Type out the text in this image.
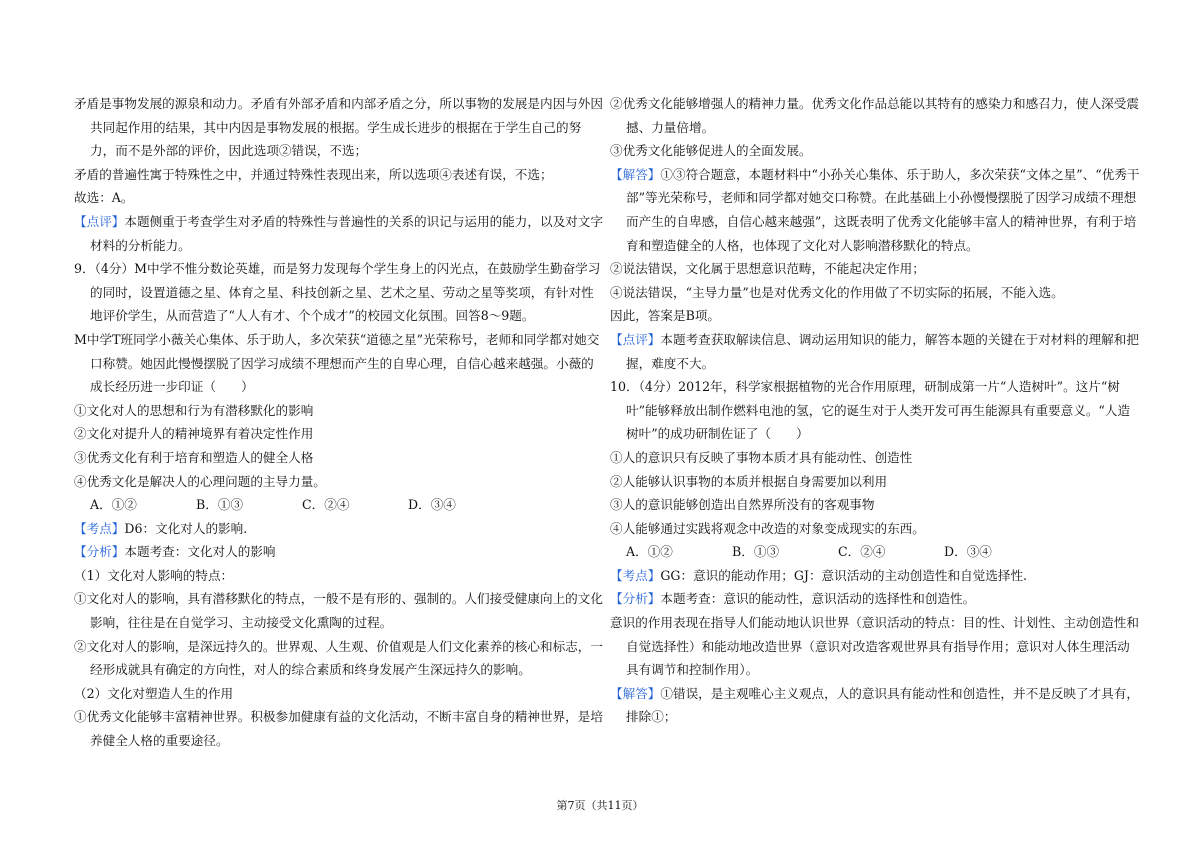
矛盾是事物发展的源泉和动力。矛盾有外部矛盾和内部矛盾之分，所以事物的发展是内因与外因共同起作用的结果，其中内因是事物发展的根据。学生成长进步的根据在于学生自己的努力，而不是外部的评价，因此选项②错误，不选；

矛盾的普遍性寓于特殊性之中，并通过特殊性表现出来，所以选项④表述有误，不选；

故选：A。

【点评】本题侧重于考查学生对矛盾的特殊性与普遍性的关系的识记与运用的能力，以及对文字材料的分析能力。

9．（4分）M中学不惟分数论英雄，而是努力发现每个学生身上的闪光点，在鼓励学生勤奋学习的同时，设置道德之星、体育之星、科技创新之星、艺术之星、劳动之星等奖项，有针对性地评价学生，从而营造了“人人有才、个个成才”的校园文化氛围。回答8～9题。

M中学T班同学小薇关心集体、乐于助人，多次荣获“道德之星”光荣称号，老师和同学都对她交口称赞。她因此慢慢摆脱了因学习成绩不理想而产生的自卑心理，自信心越来越强。小薇的成长经历进一步印证（　　）

①文化对人的思想和行为有潜移默化的影响

②文化对提升人的精神境界有着决定性作用

③优秀文化有利于培育和塑造人的健全人格

④优秀文化是解决人的心理问题的主导力量。

A．①②	B．①③	C．②④	D．③④

【考点】D6：文化对人的影响.

【分析】本题考查：文化对人的影响

（1）文化对人影响的特点：

①文化对人的影响，具有潜移默化的特点，一般不是有形的、强制的。人们接受健康向上的文化影响，往往是在自觉学习、主动接受文化熏陶的过程。

②文化对人的影响，是深远持久的。世界观、人生观、价值观是人们文化素养的核心和标志，一经形成就具有确定的方向性，对人的综合素质和终身发展产生深远持久的影响。

（2）文化对塑造人生的作用

①优秀文化能够丰富精神世界。积极参加健康有益的文化活动，不断丰富自身的精神世界，是培养健全人格的重要途径。

②优秀文化能够增强人的精神力量。优秀文化作品总能以其特有的感染力和感召力，使人深受震撼、力量倍增。

③优秀文化能够促进人的全面发展。

【解答】①③符合题意，本题材料中“小孙关心集体、乐于助人，多次荣获“文体之星”、“优秀干部”等光荣称号，老师和同学都对她交口称赞。在此基础上小孙慢慢摆脱了因学习成绩不理想而产生的自卑感，自信心越来越强”，这既表明了优秀文化能够丰富人的精神世界，有利于培育和塑造健全的人格，也体现了文化对人影响潜移默化的特点。

②说法错误，文化属于思想意识范畴，不能起决定作用；

④说法错误，“主导力量”也是对优秀文化的作用做了不切实际的拓展，不能入选。

因此，答案是B项。

【点评】本题考查获取解读信息、调动运用知识的能力，解答本题的关键在于对材料的理解和把握，难度不大。

10．（4分）2012年，科学家根据植物的光合作用原理，研制成第一片“人造树叶”。这片“树叶”能够释放出制作燃料电池的氢，它的诞生对于人类开发可再生能源具有重要意义。“人造树叶”的成功研制佐证了（　　）

①人的意识只有反映了事物本质才具有能动性、创造性

②人能够认识事物的本质并根据自身需要加以利用

③人的意识能够创造出自然界所没有的客观事物

④人能够通过实践将观念中改造的对象变成现实的东西。

A．①②	B．①③	C．②④	D．③④

【考点】GG：意识的能动作用；GJ：意识活动的主动创造性和自觉选择性.

【分析】本题考查：意识的能动性，意识活动的选择性和创造性。

意识的作用表现在指导人们能动地认识世界（意识活动的特点：目的性、计划性、主动创造性和自觉选择性）和能动地改造世界（意识对改造客观世界具有指导作用；意识对人体生理活动具有调节和控制作用）。

【解答】①错误，是主观唯心主义观点，人的意识具有能动性和创造性，并不是反映了才具有，排除①；

第7页（共11页）
